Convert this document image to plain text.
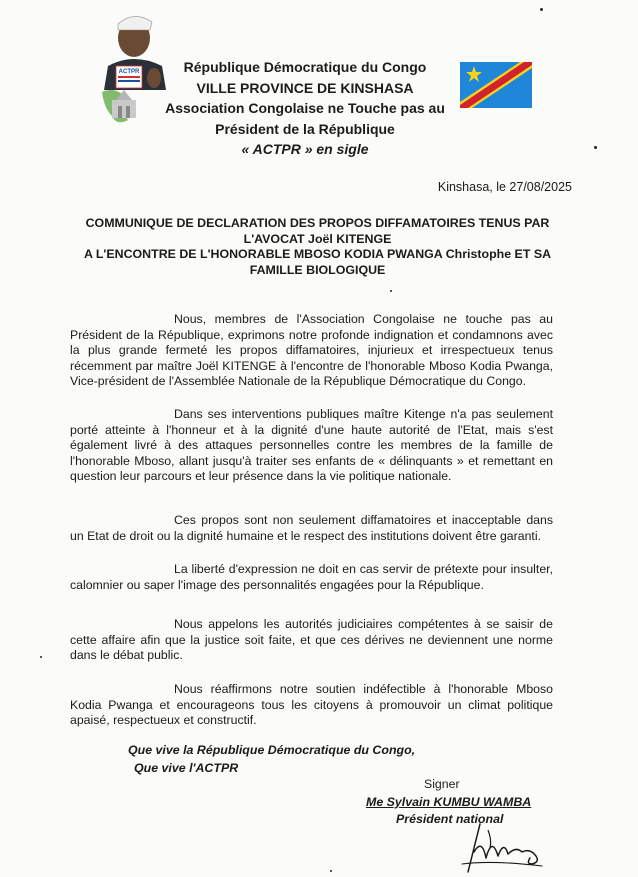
ACTPR	République Démocratique du Congo
VILLE PROVINCE DE KINSHASA
Association Congolaise ne Touche pas au
Président de la République
« ACTPR » en sigle
Kinshasa, le 27/08/2025
COMMUNIQUE DE DECLARATION DES PROPOS DIFFAMATOIRES TENUS PAR
L'AVOCAT Joël KITENGE
A L'ENCONTRE DE L'HONORABLE MBOSO KODIA PWANGA Christophe ET SA
FAMILLE BIOLOGIQUE
Nous, membres de l'Association Congolaise ne touche pas au Président de la République, exprimons notre profonde indignation et condamnons avec la plus grande fermeté les propos diffamatoires, injurieux et irrespectueux tenus récemment par maître Joël KITENGE à l'encontre de l'honorable Mboso Kodia Pwanga, Vice-président de l'Assemblée Nationale de la République Démocratique du Congo.
Dans ses interventions publiques maître Kitenge n'a pas seulement porté atteinte à l'honneur et à la dignité d'une haute autorité de l'Etat, mais s'est également livré à des attaques personnelles contre les membres de la famille de l'honorable Mboso, allant jusqu'à traiter ses enfants de « délinquants » et remettant en question leur parcours et leur présence dans la vie politique nationale.
Ces propos sont non seulement diffamatoires et inacceptable dans un Etat de droit ou la dignité humaine et le respect des institutions doivent être garanti.
La liberté d'expression ne doit en cas servir de prétexte pour insulter, calomnier ou saper l'image des personnalités engagées pour la République.
Nous appelons les autorités judiciaires compétentes à se saisir de cette affaire afin que la justice soit faite, et que ces dérives ne deviennent une norme dans le débat public.
Nous réaffirmons notre soutien indéfectible à l'honorable Mboso Kodia Pwanga et encourageons tous les citoyens à promouvoir un climat politique apaisé, respectueux et constructif.
Que vive la République Démocratique du Congo,
Que vive l'ACTPR
Signer
Me Sylvain KUMBU WAMBA
Président national
